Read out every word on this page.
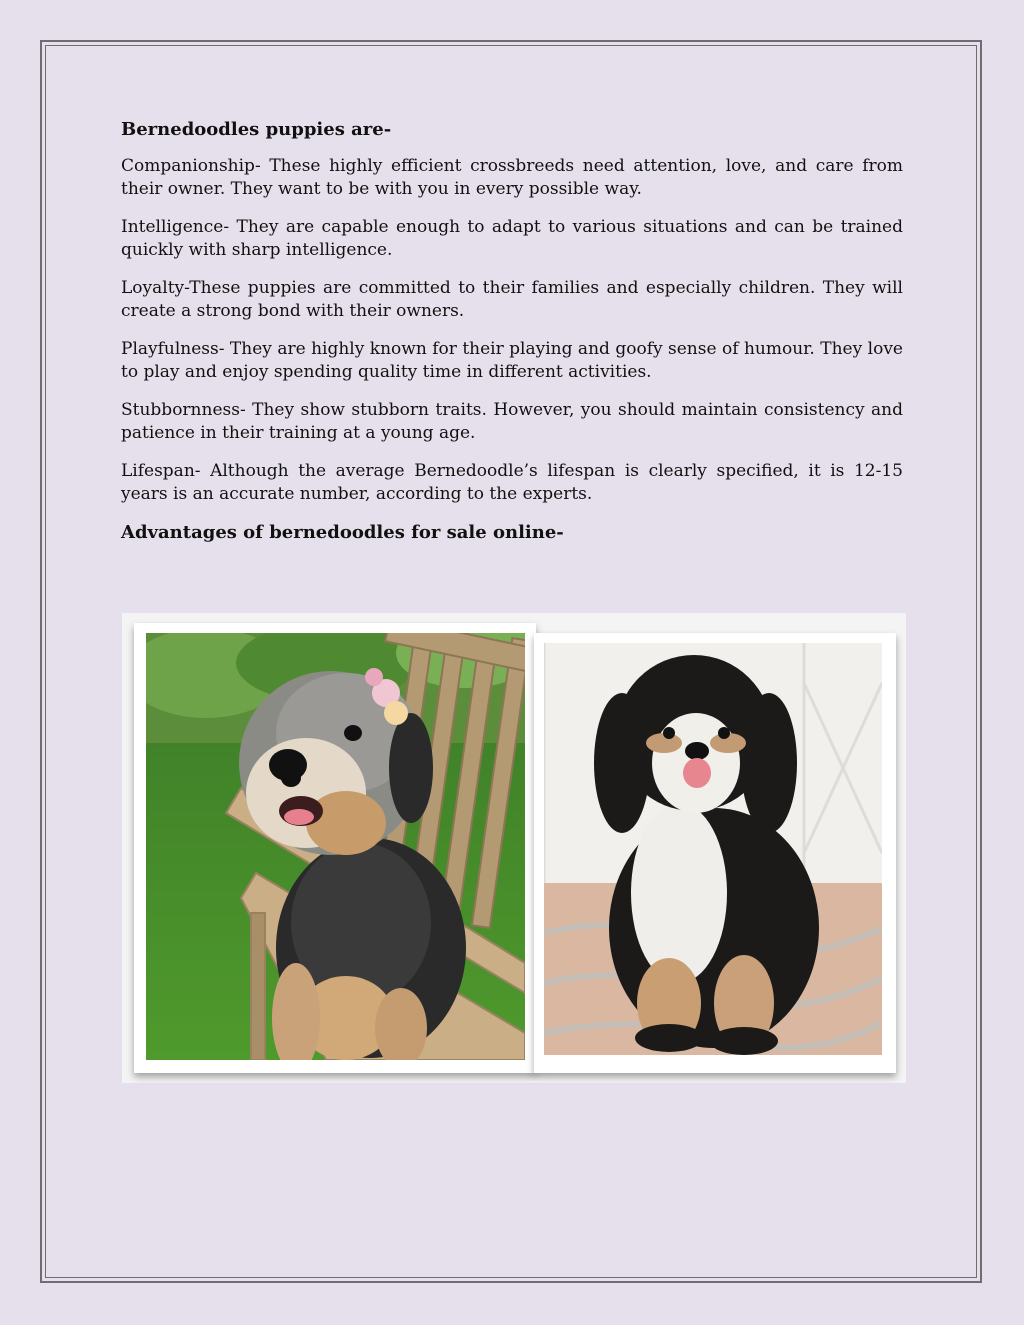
Bernedoodles puppies are-

Companionship- These highly efficient crossbreeds need attention, love, and care from their owner. They want to be with you in every possible way.

Intelligence- They are capable enough to adapt to various situations and can be trained quickly with sharp intelligence.

Loyalty-These puppies are committed to their families and especially children. They will create a strong bond with their owners.

Playfulness- They are highly known for their playing and goofy sense of humour. They love to play and enjoy spending quality time in different activities.

Stubbornness- They show stubborn traits. However, you should maintain consistency and patience in their training at a young age.

Lifespan- Although the average Bernedoodle’s lifespan is clearly specified, it is 12-15 years is an accurate number, according to the experts.

Advantages of bernedoodles for sale online-
